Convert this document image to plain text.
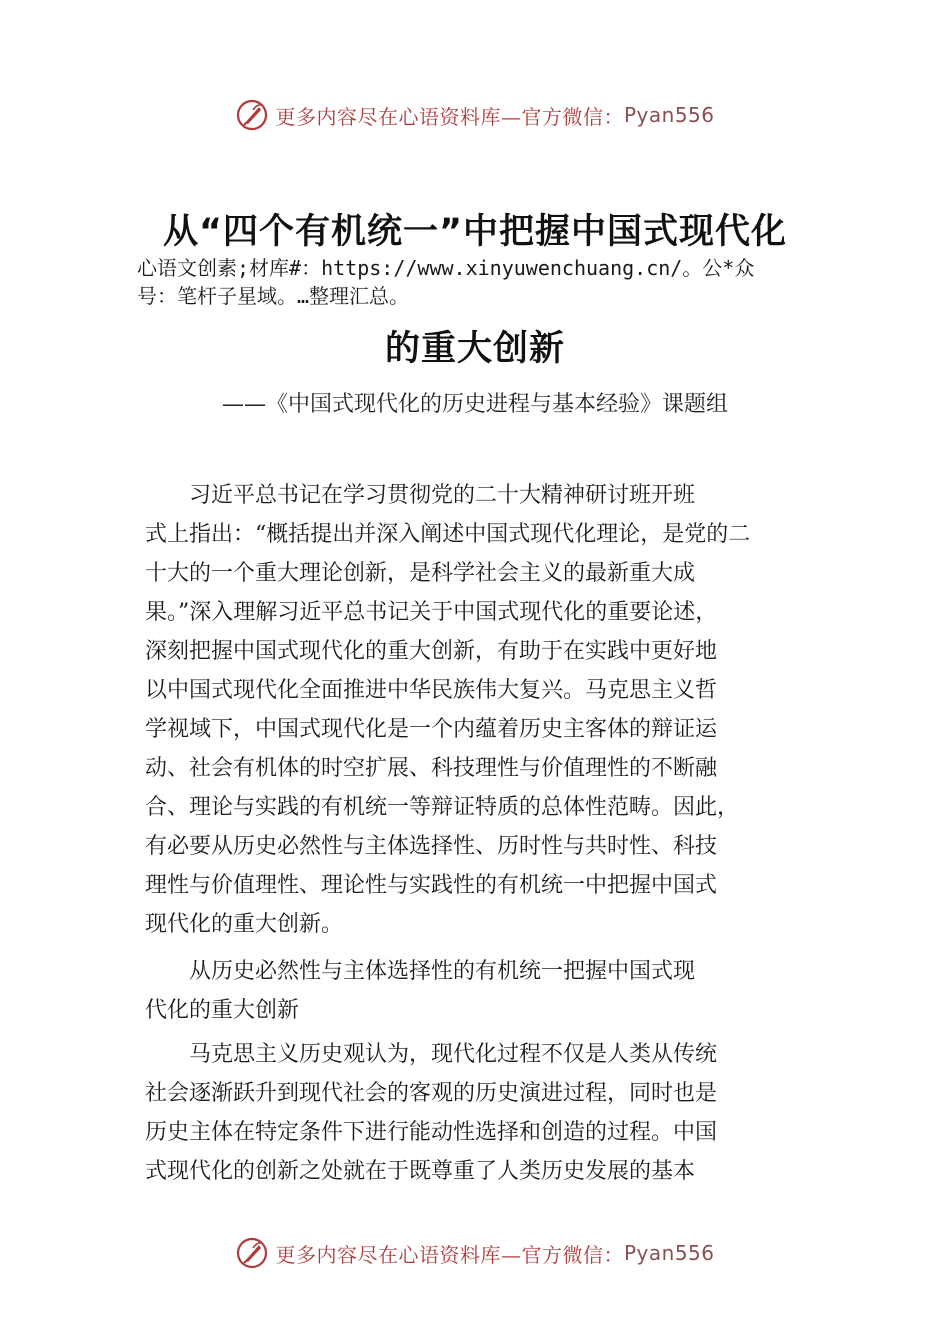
更多内容尽在心语资料库—官方微信： Pyan556
从“四个有机统一”中把握中国式现代化
心语文创素;材库#：https://www.xinyuwenchuang.cn/。公*众
号：笔杆子星域。…整理汇总。
的重大创新
——《中国式现代化的历史进程与基本经验》课题组
习近平总书记在学习贯彻党的二十大精神研讨班开班
式上指出：“概括提出并深入阐述中国式现代化理论，是党的二
十大的一个重大理论创新，是科学社会主义的最新重大成
果。”深入理解习近平总书记关于中国式现代化的重要论述，
深刻把握中国式现代化的重大创新，有助于在实践中更好地
以中国式现代化全面推进中华民族伟大复兴。马克思主义哲
学视域下，中国式现代化是一个内蕴着历史主客体的辩证运
动、社会有机体的时空扩展、科技理性与价值理性的不断融
合、理论与实践的有机统一等辩证特质的总体性范畴。因此，
有必要从历史必然性与主体选择性、历时性与共时性、科技
理性与价值理性、理论性与实践性的有机统一中把握中国式
现代化的重大创新。
从历史必然性与主体选择性的有机统一把握中国式现
代化的重大创新
马克思主义历史观认为，现代化过程不仅是人类从传统
社会逐渐跃升到现代社会的客观的历史演进过程，同时也是
历史主体在特定条件下进行能动性选择和创造的过程。中国
式现代化的创新之处就在于既尊重了人类历史发展的基本
更多内容尽在心语资料库—官方微信： Pyan556
